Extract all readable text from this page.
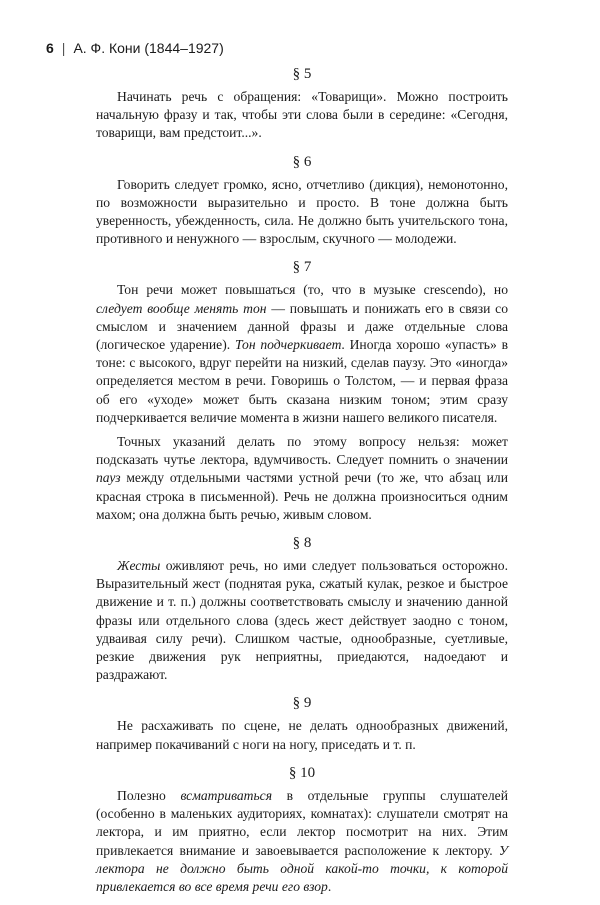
6 | А. Ф. Кони (1844–1927)
§ 5

Начинать речь с обращения: «Товарищи». Можно построить начальную фразу и так, чтобы эти слова были в середине: «Сегодня, товарищи, вам предстоит...».

§ 6

Говорить следует громко, ясно, отчетливо (дикция), немонотонно, по возможности выразительно и просто. В тоне должна быть уверенность, убежденность, сила. Не должно быть учительского тона, противного и ненужного — взрослым, скучного — молодежи.

§ 7

Тон речи может повышаться (то, что в музыке crescendo), но следует вообще менять тон — повышать и понижать его в связи со смыслом и значением данной фразы и даже отдельные слова (логическое ударение). Тон подчеркивает. Иногда хорошо «упасть» в тоне: с высокого, вдруг перейти на низкий, сделав паузу. Это «иногда» определяется местом в речи. Говоришь о Толстом, — и первая фраза об его «уходе» может быть сказана низким тоном; этим сразу подчеркивается величие момента в жизни нашего великого писателя.

Точных указаний делать по этому вопросу нельзя: может подсказать чутье лектора, вдумчивость. Следует помнить о значении пауз между отдельными частями устной речи (то же, что абзац или красная строка в письменной). Речь не должна произноситься одним махом; она должна быть речью, живым словом.

§ 8

Жесты оживляют речь, но ими следует пользоваться осторожно. Выразительный жест (поднятая рука, сжатый кулак, резкое и быстрое движение и т. п.) должны соответствовать смыслу и значению данной фразы или отдельного слова (здесь жест действует заодно с тоном, удваивая силу речи). Слишком частые, однообразные, суетливые, резкие движения рук неприятны, приедаются, надоедают и раздражают.

§ 9

Не расхаживать по сцене, не делать однообразных движений, например покачиваний с ноги на ногу, приседать и т. п.

§ 10

Полезно всматриваться в отдельные группы слушателей (особенно в маленьких аудиториях, комнатах): слушатели смотрят на лектора, и им приятно, если лектор посмотрит на них. Этим привлекается внимание и завоевывается расположение к лектору. У лектора не должно быть одной какой-то точки, к которой привлекается во все время речи его взор.
